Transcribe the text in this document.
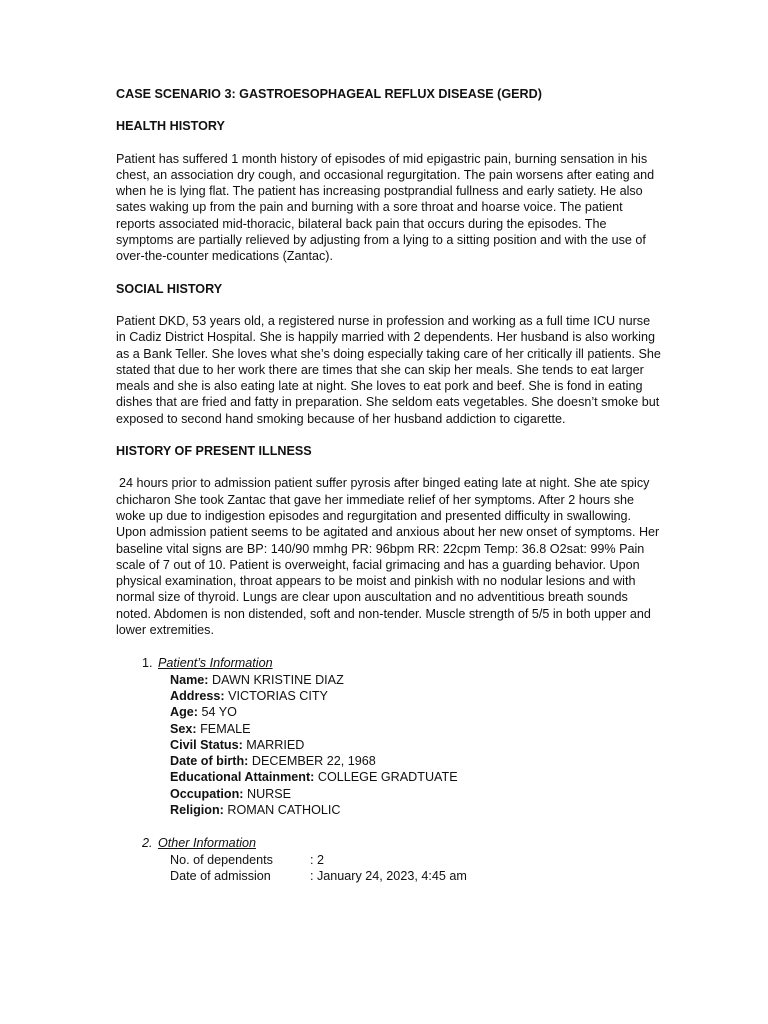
CASE SCENARIO 3: GASTROESOPHAGEAL REFLUX DISEASE (GERD)

HEALTH HISTORY

Patient has suffered 1 month history of episodes of mid epigastric pain, burning sensation in his chest, an association dry cough, and occasional regurgitation. The pain worsens after eating and when he is lying flat. The patient has increasing postprandial fullness and early satiety. He also sates waking up from the pain and burning with a sore throat and hoarse voice. The patient reports associated mid-thoracic, bilateral back pain that occurs during the episodes. The symptoms are partially relieved by adjusting from a lying to a sitting position and with the use of over-the-counter medications (Zantac).

SOCIAL HISTORY

Patient DKD, 53 years old, a registered nurse in profession and working as a full time ICU nurse in Cadiz District Hospital. She is happily married with 2 dependents. Her husband is also working as a Bank Teller. She loves what she’s doing especially taking care of her critically ill patients. She stated that due to her work there are times that she can skip her meals. She tends to eat larger meals and she is also eating late at night. She loves to eat pork and beef. She is fond in eating dishes that are fried and fatty in preparation. She seldom eats vegetables. She doesn’t smoke but exposed to second hand smoking because of her husband addiction to cigarette.

HISTORY OF PRESENT ILLNESS

24 hours prior to admission patient suffer pyrosis after binged eating late at night. She ate spicy chicharon She took Zantac that gave her immediate relief of her symptoms. After 2 hours she woke up due to indigestion episodes and regurgitation and presented difficulty in swallowing.

Upon admission patient seems to be agitated and anxious about her new onset of symptoms. Her baseline vital signs are BP: 140/90 mmhg PR: 96bpm RR: 22cpm Temp: 36.8 O2sat: 99% Pain scale of 7 out of 10. Patient is overweight, facial grimacing and has a guarding behavior. Upon physical examination, throat appears to be moist and pinkish with no nodular lesions and with normal size of thyroid. Lungs are clear upon auscultation and no adventitious breath sounds noted. Abdomen is non distended, soft and non-tender. Muscle strength of 5/5 in both upper and lower extremities.

1. Patient’s Information
Name: DAWN KRISTINE DIAZ
Address: VICTORIAS CITY
Age: 54 YO
Sex: FEMALE
Civil Status: MARRIED
Date of birth: DECEMBER 22, 1968
Educational Attainment: COLLEGE GRADTUATE
Occupation: NURSE
Religion: ROMAN CATHOLIC
2. Other Information
No. of dependents	: 2
Date of admission	: January 24, 2023, 4:45 am
